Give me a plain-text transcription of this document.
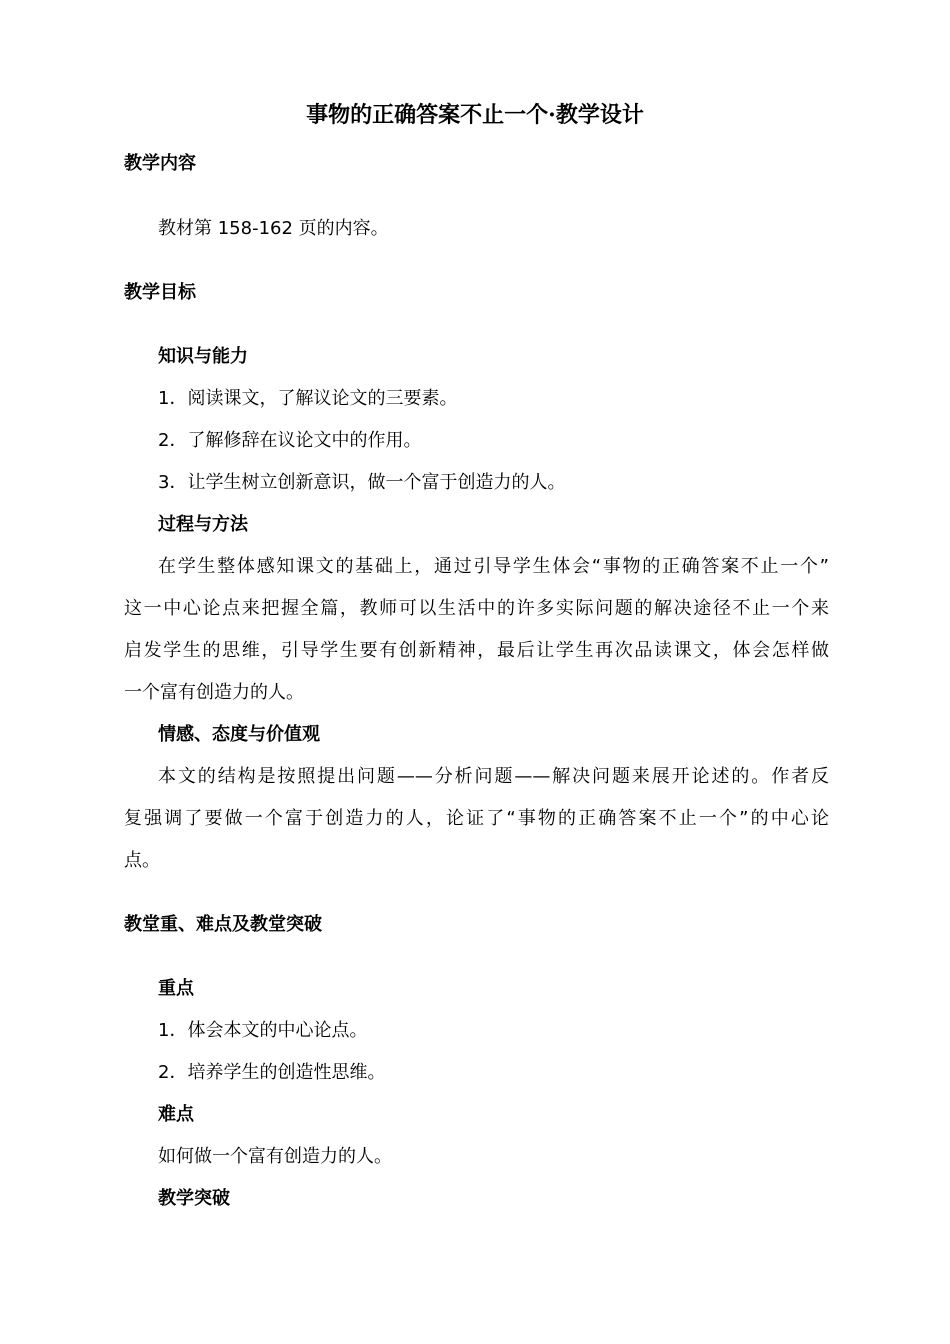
事物的正确答案不止一个·教学设计
教学内容
教材第 158-162 页的内容。
教学目标
知识与能力
1．阅读课文，了解议论文的三要素。
2．了解修辞在议论文中的作用。
3．让学生树立创新意识，做一个富于创造力的人。
过程与方法
在学生整体感知课文的基础上，通过引导学生体会“事物的正确答案不止一个”
这一中心论点来把握全篇，教师可以生活中的许多实际问题的解决途径不止一个来
启发学生的思维，引导学生要有创新精神，最后让学生再次品读课文，体会怎样做
一个富有创造力的人。
情感、态度与价值观
本文的结构是按照提出问题——分析问题——解决问题来展开论述的。作者反
复强调了要做一个富于创造力的人，论证了“事物的正确答案不止一个”的中心论
点。
教堂重、难点及教堂突破
重点
1．体会本文的中心论点。
2．培养学生的创造性思维。
难点
如何做一个富有创造力的人。
教学突破
